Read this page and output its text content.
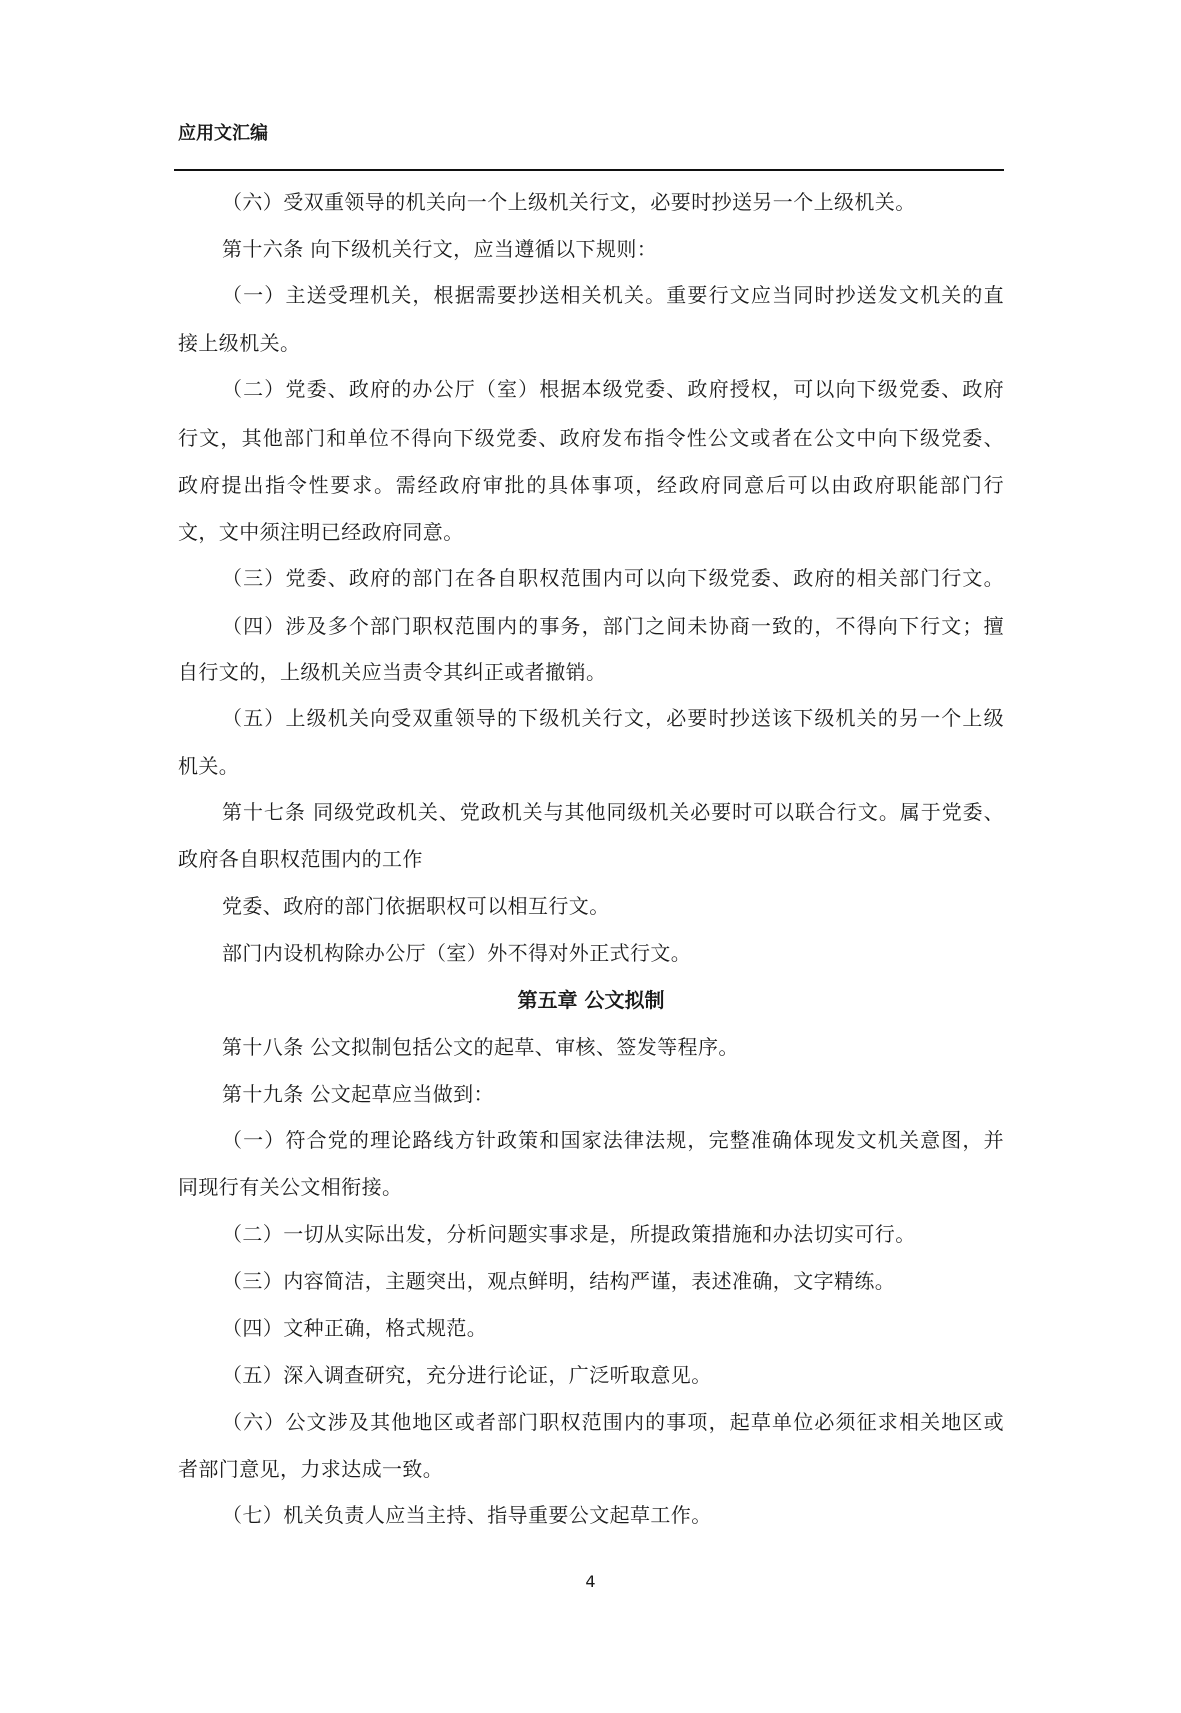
应用文汇编
（六）受双重领导的机关向一个上级机关行文，必要时抄送另一个上级机关。
第十六条 向下级机关行文，应当遵循以下规则：
（一）主送受理机关，根据需要抄送相关机关。重要行文应当同时抄送发文机关的直
接上级机关。
（二）党委、政府的办公厅（室）根据本级党委、政府授权，可以向下级党委、政府
行文，其他部门和单位不得向下级党委、政府发布指令性公文或者在公文中向下级党委、
政府提出指令性要求。需经政府审批的具体事项，经政府同意后可以由政府职能部门行
文，文中须注明已经政府同意。
（三）党委、政府的部门在各自职权范围内可以向下级党委、政府的相关部门行文。
（四）涉及多个部门职权范围内的事务，部门之间未协商一致的，不得向下行文；擅
自行文的，上级机关应当责令其纠正或者撤销。
（五）上级机关向受双重领导的下级机关行文，必要时抄送该下级机关的另一个上级
机关。
第十七条 同级党政机关、党政机关与其他同级机关必要时可以联合行文。属于党委、
政府各自职权范围内的工作
党委、政府的部门依据职权可以相互行文。
部门内设机构除办公厅（室）外不得对外正式行文。
第十八条 公文拟制包括公文的起草、审核、签发等程序。
第十九条 公文起草应当做到：
（一）符合党的理论路线方针政策和国家法律法规，完整准确体现发文机关意图，并
同现行有关公文相衔接。
（二）一切从实际出发，分析问题实事求是，所提政策措施和办法切实可行。
（三）内容简洁，主题突出，观点鲜明，结构严谨，表述准确，文字精练。
（四）文种正确，格式规范。
（五）深入调查研究，充分进行论证，广泛听取意见。
（六）公文涉及其他地区或者部门职权范围内的事项，起草单位必须征求相关地区或
者部门意见，力求达成一致。
（七）机关负责人应当主持、指导重要公文起草工作。
第五章 公文拟制
4
